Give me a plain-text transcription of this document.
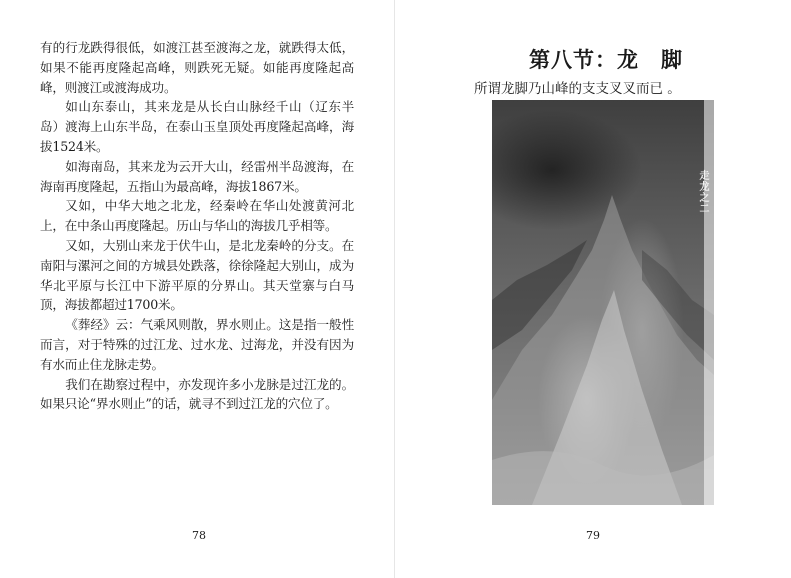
有的行龙跌得很低，如渡江甚至渡海之龙，就跌得太低，如果不能再度隆起高峰，则跌死无疑。如能再度隆起高峰，则渡江或渡海成功。

如山东泰山，其来龙是从长白山脉经千山（辽东半岛）渡海上山东半岛，在泰山玉皇顶处再度隆起高峰，海拔1524米。

如海南岛，其来龙为云开大山，经雷州半岛渡海，在海南再度隆起，五指山为最高峰，海拔1867米。

又如，中华大地之北龙，经秦岭在华山处渡黄河北上，在中条山再度隆起。历山与华山的海拔几乎相等。

又如，大别山来龙于伏牛山，是北龙秦岭的分支。在南阳与漯河之间的方城县处跌落，徐徐隆起大别山，成为华北平原与长江中下游平原的分界山。其天堂寨与白马顶，海拔都超过1700米。

《葬经》云：气乘风则散，界水则止。这是指一般性而言，对于特殊的过江龙、过水龙、过海龙，并没有因为有水而止住龙脉走势。

我们在勘察过程中，亦发现许多小龙脉是过江龙的。如果只论“界水则止”的话，就寻不到过江龙的穴位了。

78
第八节：龙　脚
所谓龙脚乃山峰的支支叉叉而已 。
走龙之二
79
